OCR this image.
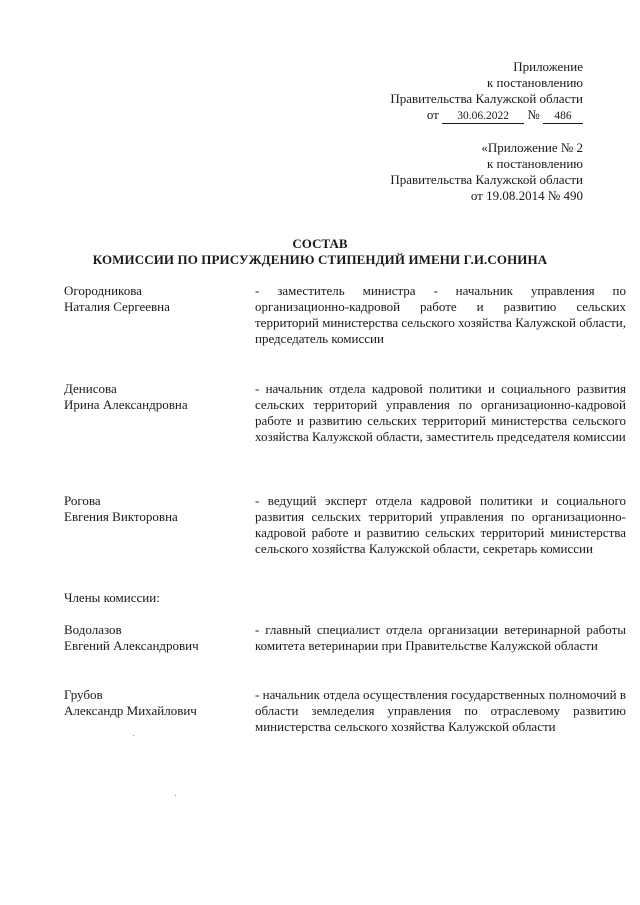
Приложение
к постановлению
Правительства Калужской области
от 30.06.2022 № 486
«Приложение № 2
к постановлению
Правительства Калужской области
от 19.08.2014 № 490
СОСТАВ
КОМИССИИ ПО ПРИСУЖДЕНИЮ СТИПЕНДИЙ ИМЕНИ Г.И.СОНИНА
Огородникова
Наталия Сергеевна
- заместитель министра - начальник управления по организационно-кадровой работе и развитию сельских территорий министерства сельского хозяйства Калужской области, председатель комиссии
Денисова
Ирина Александровна
- начальник отдела кадровой политики и социального развития сельских территорий управления по организационно-кадровой работе и развитию сельских территорий министерства сельского хозяйства Калужской области, заместитель председателя комиссии
Рогова
Евгения Викторовна
- ведущий эксперт отдела кадровой политики и социального развития сельских территорий управления по организационно-кадровой работе и развитию сельских территорий министерства сельского хозяйства Калужской области, секретарь комиссии
Члены комиссии:
Водолазов
Евгений Александрович
- главный специалист отдела организации ветеринарной работы комитета ветеринарии при Правительстве Калужской области
Грубов
Александр Михайлович
- начальник отдела осуществления государственных полномочий в области земледелия управления по отраслевому развитию министерства сельского хозяйства Калужской области
